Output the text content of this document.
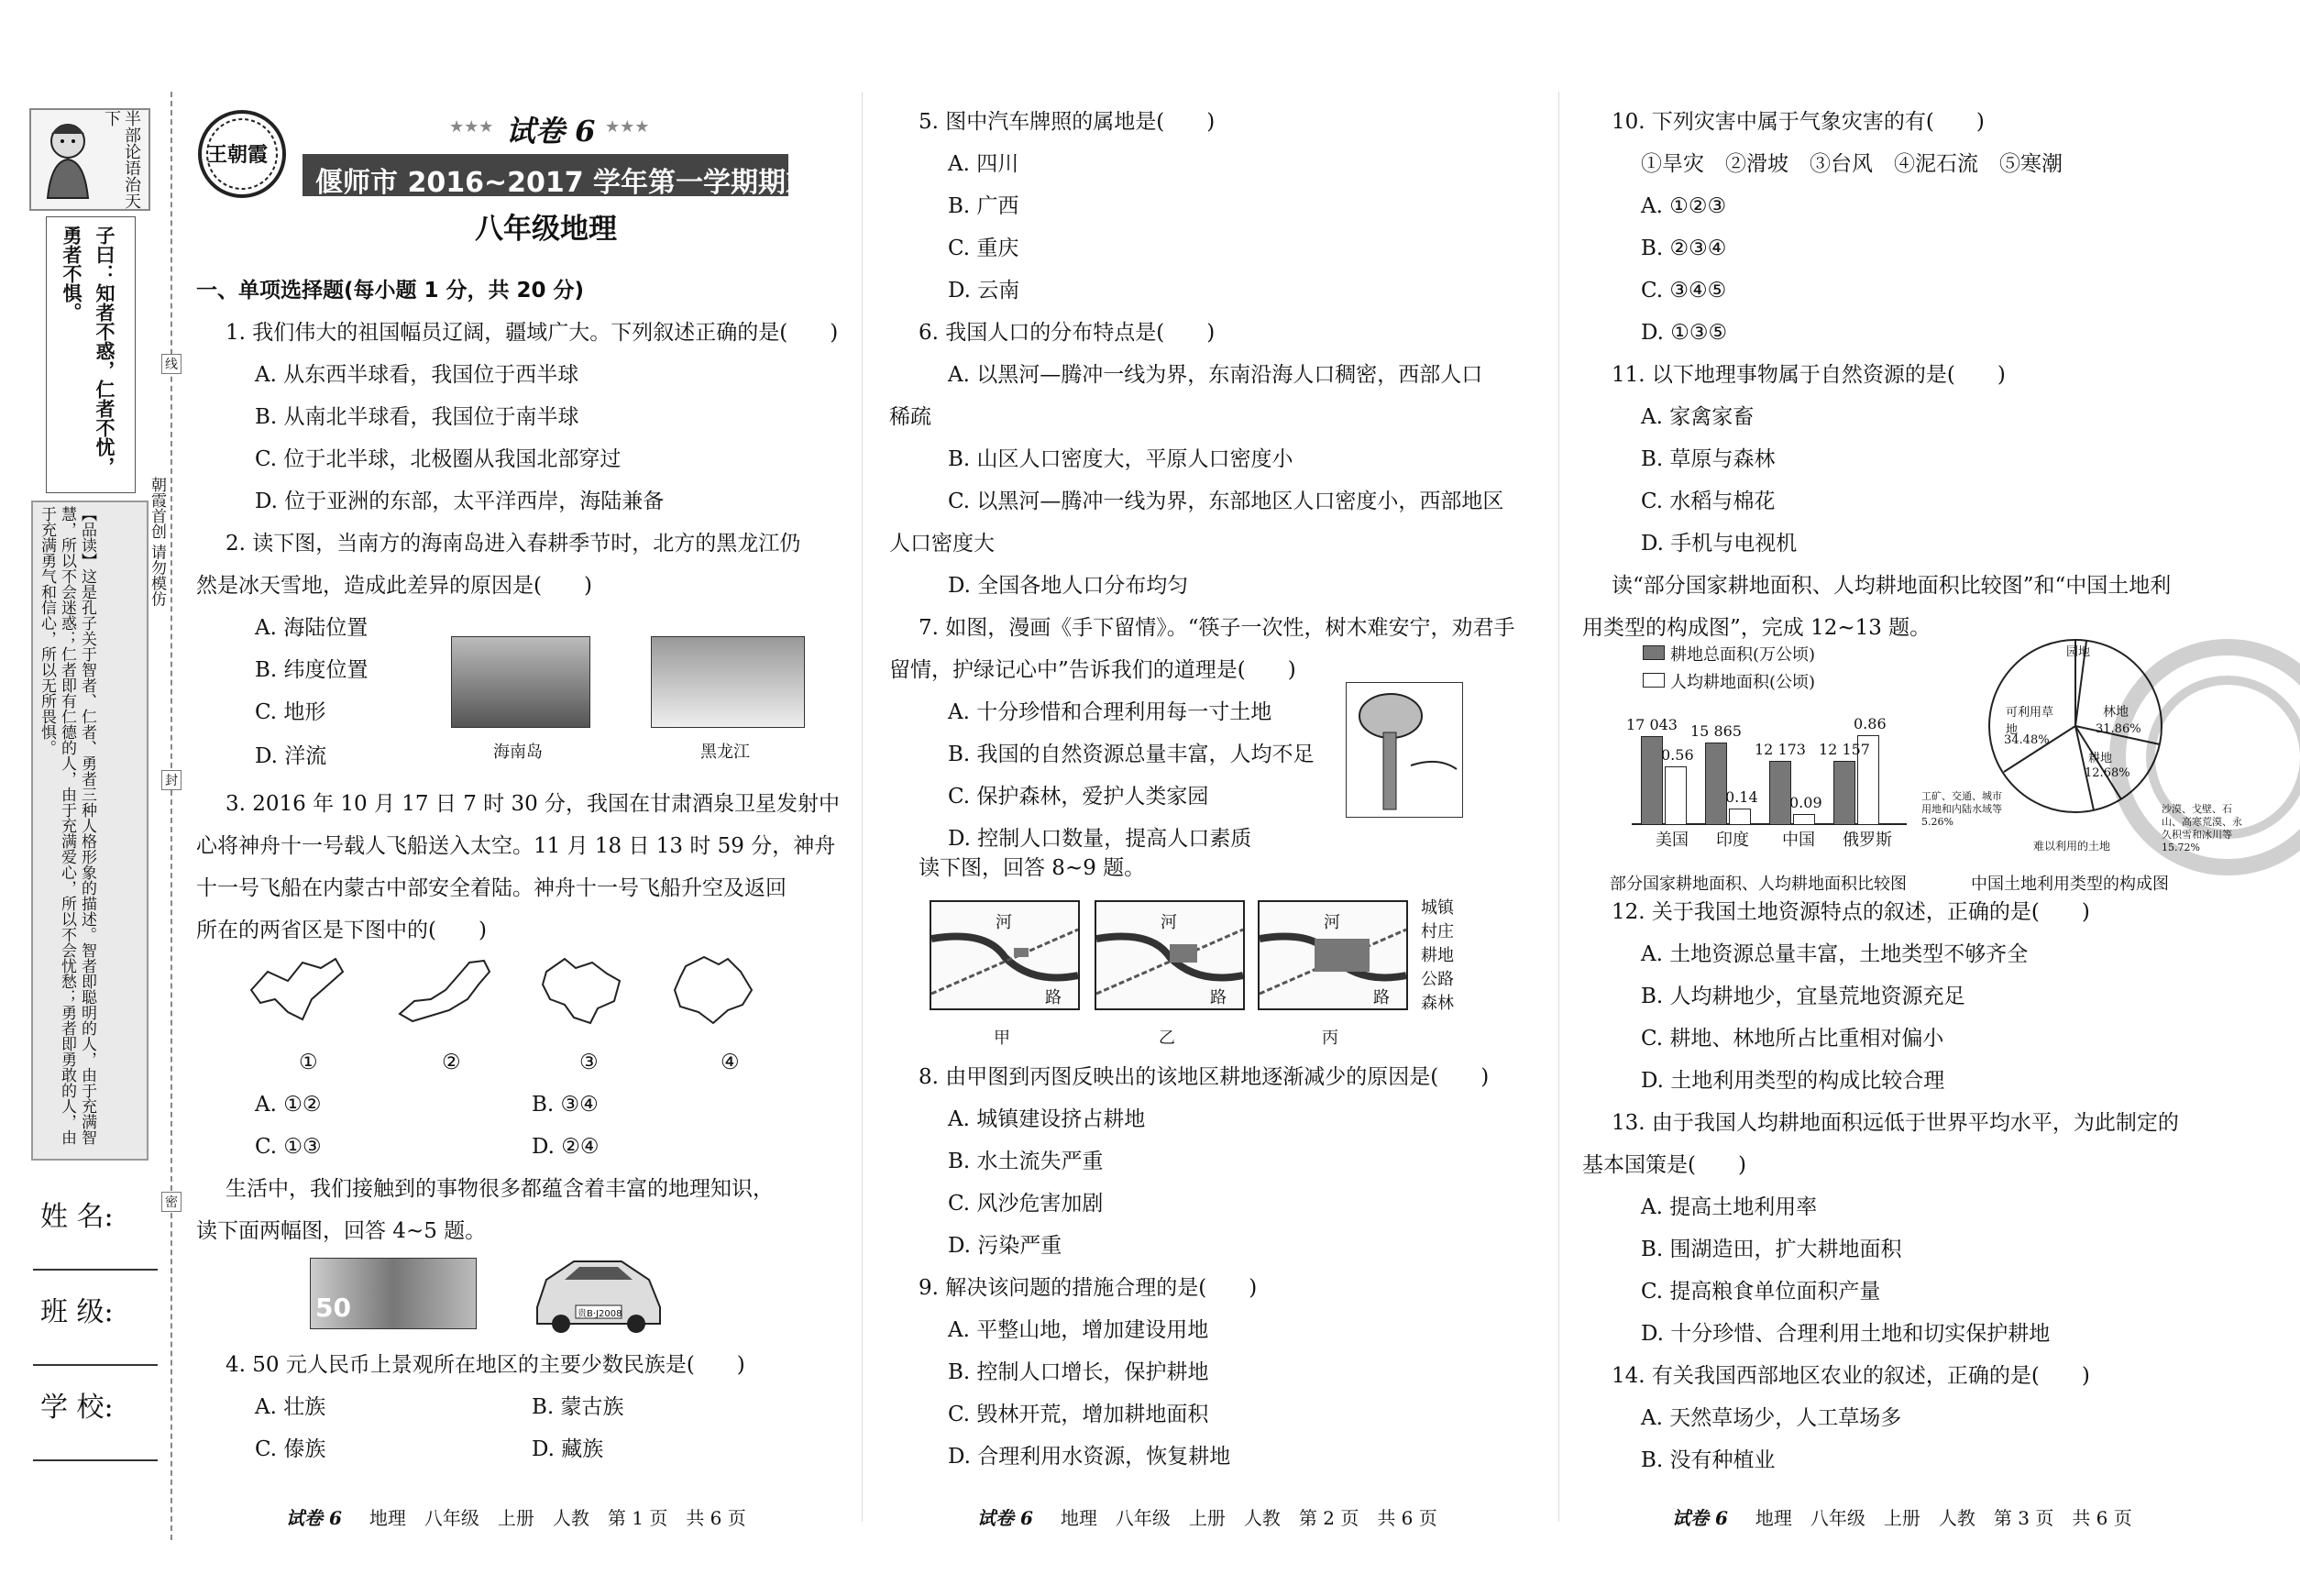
半部论语治天下
子曰：知者不惑，仁者不忧，勇者不惧。
【品读】这是孔子关于智者、仁者、勇者三种人格形象的描述。智者即聪明的人，由于充满智慧，所以不会迷惑；仁者即有仁德的人，由于充满爱心，所以不会忧愁；勇者即勇敢的人，由于充满勇气和信心，所以无所畏惧。	朝霞首创 请勿模仿
线
封
密
姓 名:
班 级:
学 校:
王朝霞
★★★ 试卷 6 ★★★
偃师市 2016~2017 学年第一学期期末考试试题
八年级地理
一、单项选择题(每小题 1 分，共 20 分)
1. 我们伟大的祖国幅员辽阔，疆域广大。下列叙述正确的是(　　)
A. 从东西半球看，我国位于西半球
B. 从南北半球看，我国位于南半球
C. 位于北半球，北极圈从我国北部穿过
D. 位于亚洲的东部，太平洋西岸，海陆兼备
2. 读下图，当南方的海南岛进入春耕季节时，北方的黑龙江仍
然是冰天雪地，造成此差异的原因是(　　)
A. 海陆位置
B. 纬度位置
C. 地形
D. 洋流	海南岛	黑龙江
3. 2016 年 10 月 17 日 7 时 30 分，我国在甘肃酒泉卫星发射中
心将神舟十一号载人飞船送入太空。11 月 18 日 13 时 59 分，神舟
十一号飞船在内蒙古中部安全着陆。神舟十一号飞船升空及返回
所在的两省区是下图中的(　　)
①	②	③	④
A. ①②	B. ③④
C. ①③	D. ②④
生活中，我们接触到的事物很多都蕴含着丰富的地理知识，
读下面两幅图，回答 4~5 题。
50	贵B·J2008
4. 50 元人民币上景观所在地区的主要少数民族是(　　)
A. 壮族	B. 蒙古族
C. 傣族	D. 藏族
试卷 6 地理　八年级　上册　人教　第 1 页　共 6 页
5. 图中汽车牌照的属地是(　　)
A. 四川
B. 广西
C. 重庆
D. 云南
6. 我国人口的分布特点是(　　)
A. 以黑河—腾冲一线为界，东南沿海人口稠密，西部人口
稀疏
B. 山区人口密度大，平原人口密度小
C. 以黑河—腾冲一线为界，东部地区人口密度小，西部地区
人口密度大
D. 全国各地人口分布均匀
7. 如图，漫画《手下留情》。“筷子一次性，树木难安宁，劝君手
留情，护绿记心中”告诉我们的道理是(　　)
A. 十分珍惜和合理利用每一寸土地
B. 我国的自然资源总量丰富，人均不足
C. 保护森林，爱护人类家园
D. 控制人口数量，提高人口素质
读下图，回答 8~9 题。
河	河	河
路	路	路
甲	乙	丙
城镇
村庄
耕地
公路
森林
8. 由甲图到丙图反映出的该地区耕地逐渐减少的原因是(　　)
A. 城镇建设挤占耕地
B. 水土流失严重
C. 风沙危害加剧
D. 污染严重
9. 解决该问题的措施合理的是(　　)
A. 平整山地，增加建设用地
B. 控制人口增长，保护耕地
C. 毁林开荒，增加耕地面积
D. 合理利用水资源，恢复耕地
试卷 6 地理　八年级　上册　人教　第 2 页　共 6 页
10. 下列灾害中属于气象灾害的有(　　)
①旱灾　②滑坡　③台风　④泥石流　⑤寒潮
A. ①②③
B. ②③④
C. ③④⑤
D. ①③⑤
11. 以下地理事物属于自然资源的是(　　)
A. 家禽家畜
B. 草原与森林
C. 水稻与棉花
D. 手机与电视机
读“部分国家耕地面积、人均耕地面积比较图”和“中国土地利
用类型的构成图”，完成 12~13 题。
耕地总面积(万公顷)
人均耕地面积(公顷)
17 043
0.56
15 865
0.14
12 173
0.09
12 157
0.86
美国 印度 中国 俄罗斯
园地
可利用草地
34.48%
林地
31.86%
耕地
12.68%
工矿、交通、城市用地和内陆水域等 5.26%
沙漠、戈壁、石山、高寒荒漠、永久积雪和冰川等 15.72%
难以利用的土地
部分国家耕地面积、人均耕地面积比较图	中国土地利用类型的构成图
12. 关于我国土地资源特点的叙述，正确的是(　　)
A. 土地资源总量丰富，土地类型不够齐全
B. 人均耕地少，宜垦荒地资源充足
C. 耕地、林地所占比重相对偏小
D. 土地利用类型的构成比较合理
13. 由于我国人均耕地面积远低于世界平均水平，为此制定的
基本国策是(　　)
A. 提高土地利用率
B. 围湖造田，扩大耕地面积
C. 提高粮食单位面积产量
D. 十分珍惜、合理利用土地和切实保护耕地
14. 有关我国西部地区农业的叙述，正确的是(　　)
A. 天然草场少，人工草场多
B. 没有种植业
试卷 6 地理　八年级　上册　人教　第 3 页　共 6 页
